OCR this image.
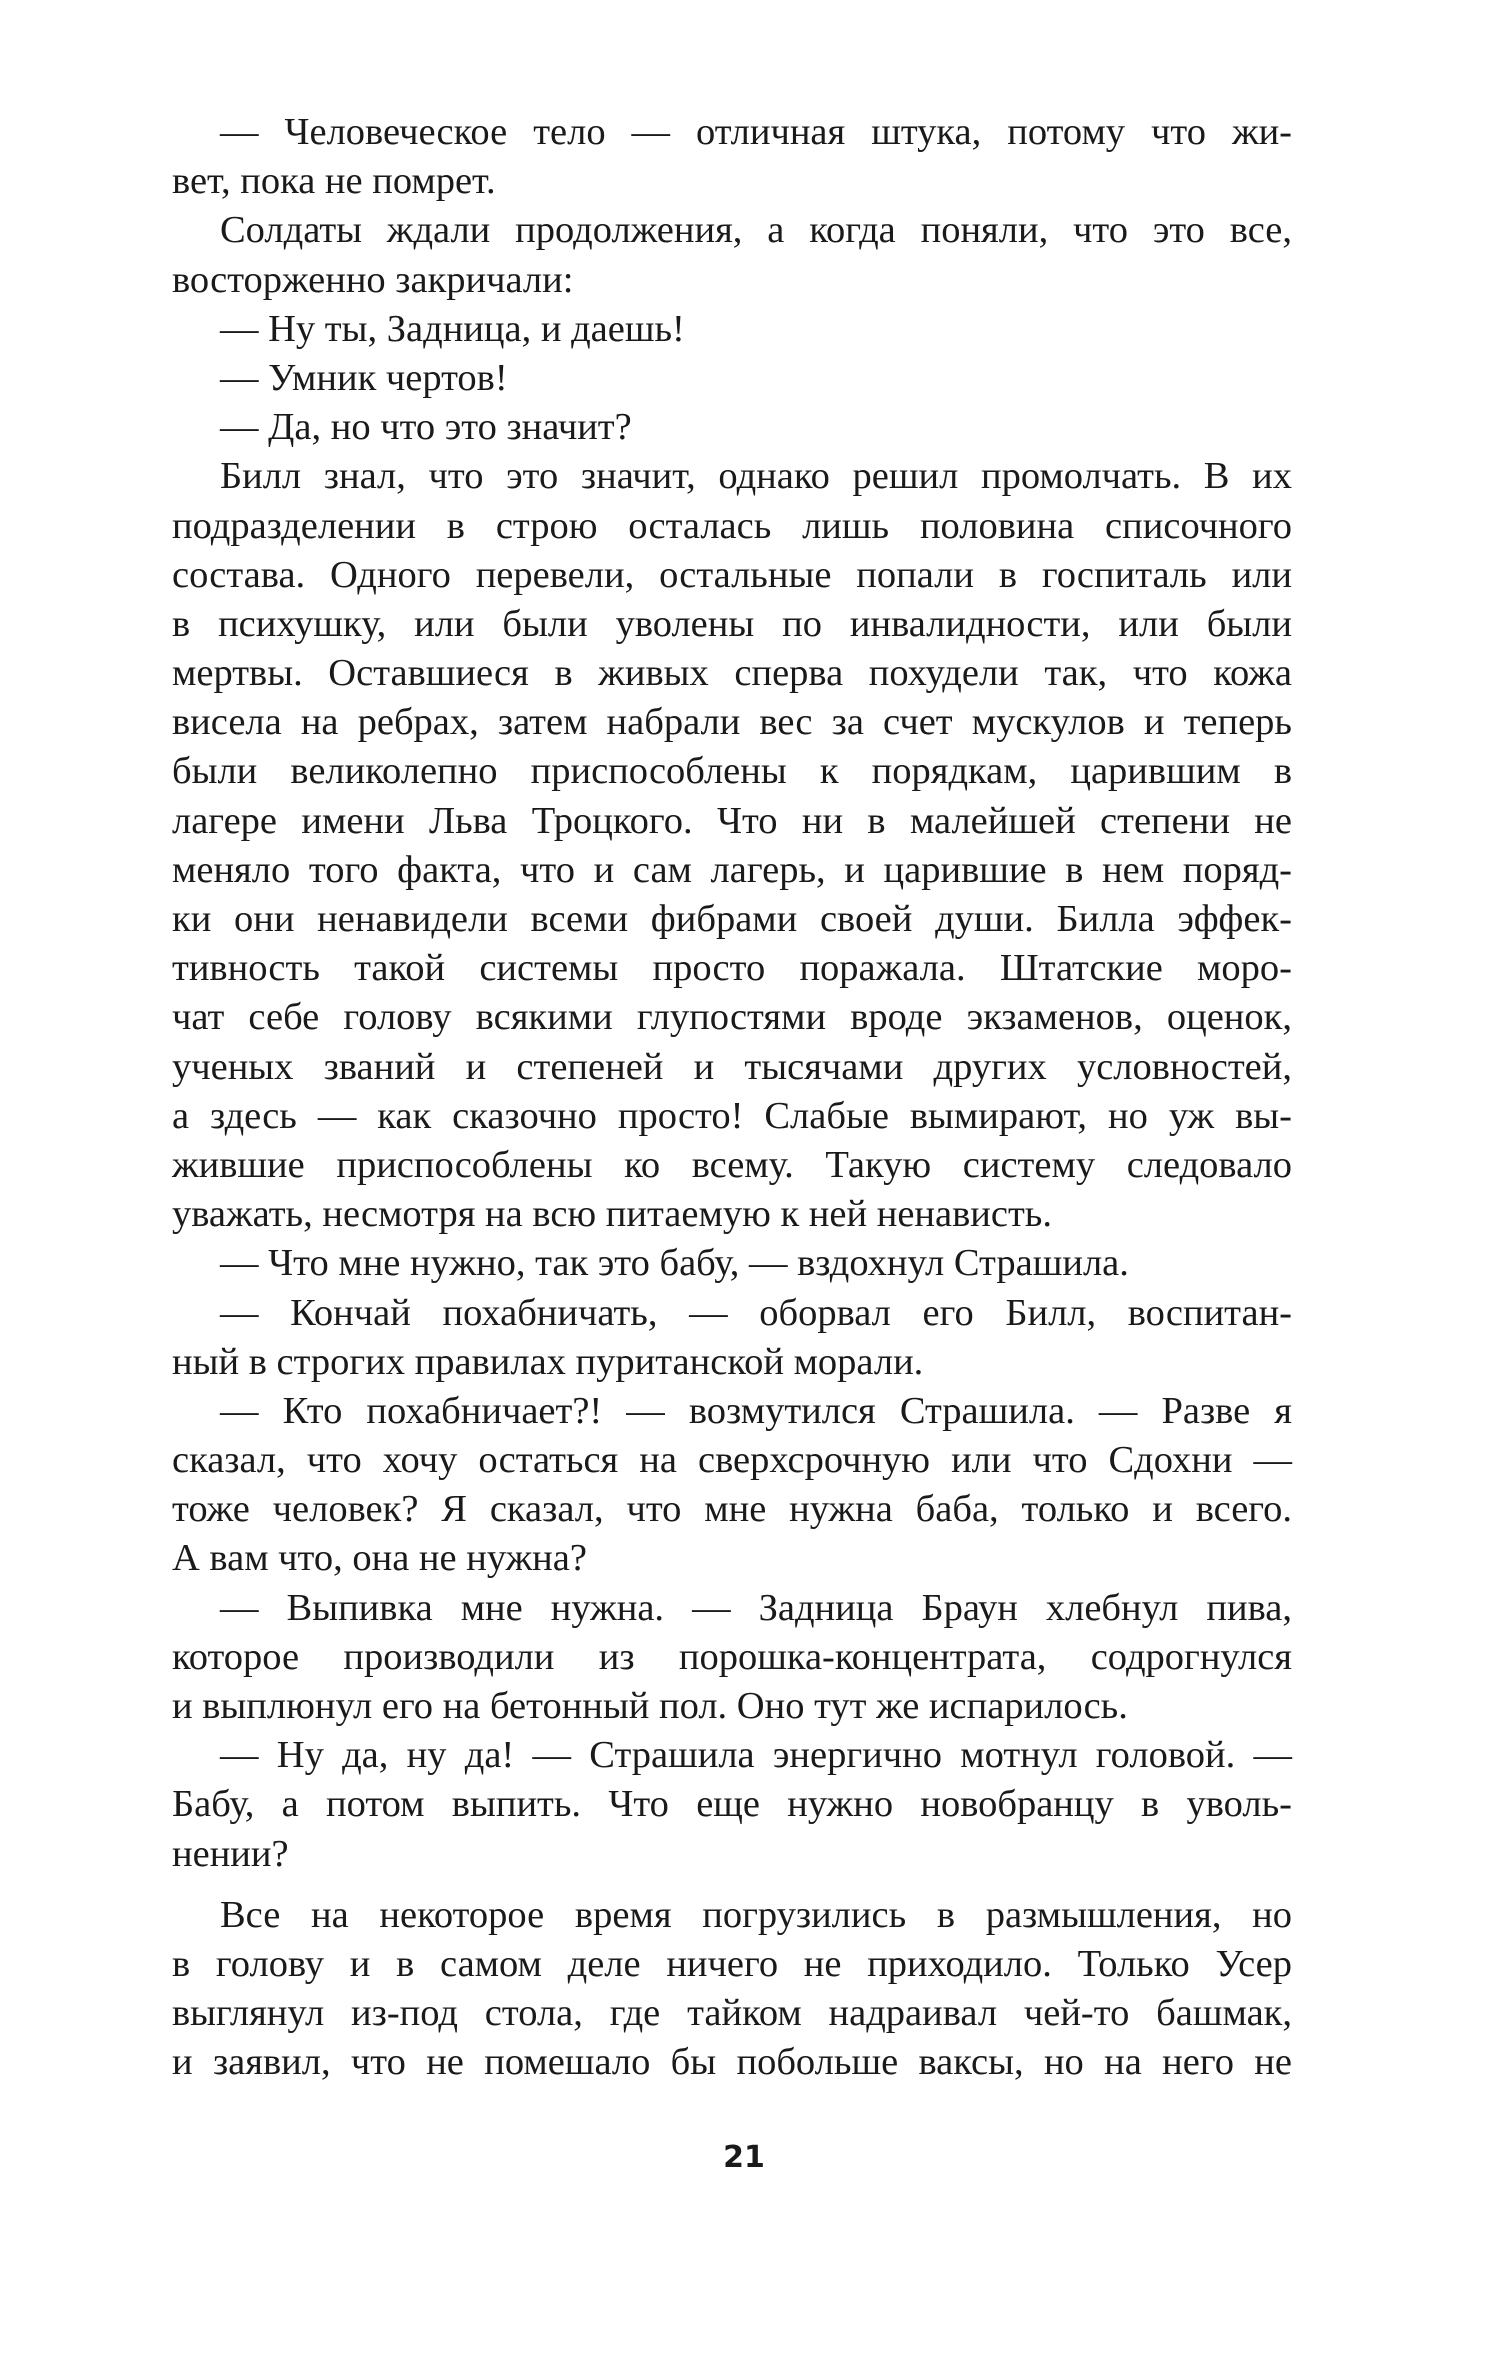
— Человеческое тело — отличная штука, потому что жи-
вет, пока не помрет.
Солдаты ждали продолжения, а когда поняли, что это все,
восторженно закричали:
— Ну ты, Задница, и даешь!
— Умник чертов!
— Да, но что это значит?
Билл знал, что это значит, однако решил промолчать. В их
подразделении в строю осталась лишь половина списочного
состава. Одного перевели, остальные попали в госпиталь или
в психушку, или были уволены по инвалидности, или были
мертвы. Оставшиеся в живых сперва похудели так, что кожа
висела на ребрах, затем набрали вес за счет мускулов и теперь
были великолепно приспособлены к порядкам, царившим в
лагере имени Льва Троцкого. Что ни в малейшей степени не
меняло того факта, что и сам лагерь, и царившие в нем поряд-
ки они ненавидели всеми фибрами своей души. Билла эффек-
тивность такой системы просто поражала. Штатские моро-
чат себе голову всякими глупостями вроде экзаменов, оценок,
ученых званий и степеней и тысячами других условностей,
а здесь — как сказочно просто! Слабые вымирают, но уж вы-
жившие приспособлены ко всему. Такую систему следовало
уважать, несмотря на всю питаемую к ней ненависть.
— Что мне нужно, так это бабу, — вздохнул Страшила.
— Кончай похабничать, — оборвал его Билл, воспитан-
ный в строгих правилах пуританской морали.
— Кто похабничает?! — возмутился Страшила. — Разве я
сказал, что хочу остаться на сверхсрочную или что Сдохни —
тоже человек? Я сказал, что мне нужна баба, только и всего.
А вам что, она не нужна?
— Выпивка мне нужна. — Задница Браун хлебнул пива,
которое производили из порошка-концентрата, содрогнулся
и выплюнул его на бетонный пол. Оно тут же испарилось.
— Ну да, ну да! — Страшила энергично мотнул головой. —
Бабу, а потом выпить. Что еще нужно новобранцу в уволь-
нении?
Все на некоторое время погрузились в размышления, но
в голову и в самом деле ничего не приходило. Только Усер
выглянул из-под стола, где тайком надраивал чей-то башмак,
и заявил, что не помешало бы побольше ваксы, но на него не
21
